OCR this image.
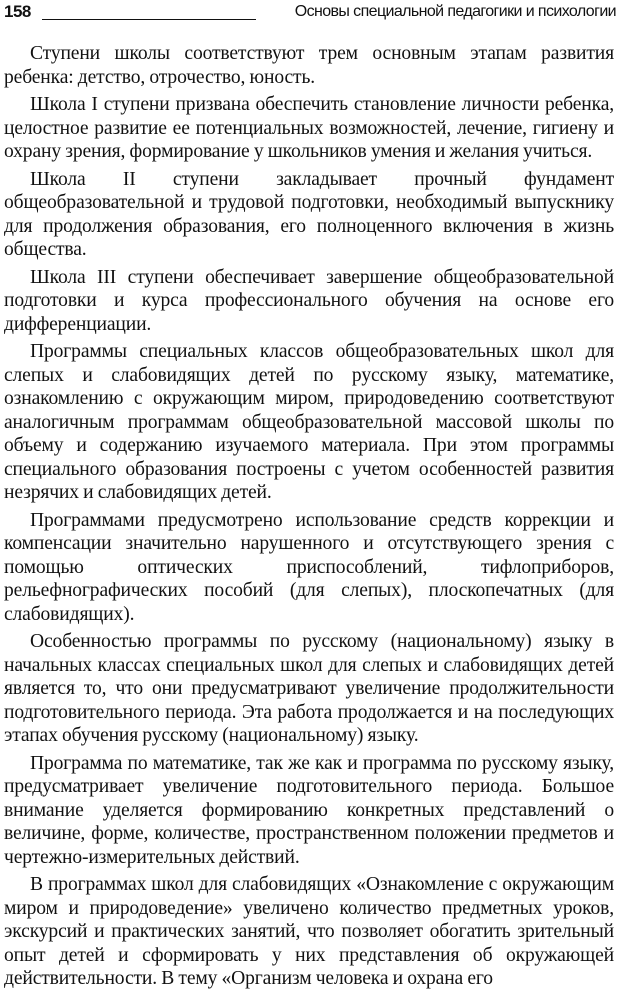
158	Основы специальной педагогики и психологии

Ступени школы соответствуют трем основным этапам развития ребенка: детство, отрочество, юность.

Школа I ступени призвана обеспечить становление личности ребенка, целостное развитие ее потенциальных возможностей, лечение, гигиену и охрану зрения, формирование у школьников умения и желания учиться.

Школа II ступени закладывает прочный фундамент общеобразовательной и трудовой подготовки, необходимый выпускнику для продолжения образования, его полноценного включения в жизнь общества.

Школа III ступени обеспечивает завершение общеобразовательной подготовки и курса профессионального обучения на основе его дифференциации.

Программы специальных классов общеобразовательных школ для слепых и слабовидящих детей по русскому языку, математике, ознакомлению с окружающим миром, природоведению соответствуют аналогичным программам общеобразовательной массовой школы по объему и содержанию изучаемого материала. При этом программы специального образования построены с учетом особенностей развития незрячих и слабовидящих детей.

Программами предусмотрено использование средств коррекции и компенсации значительно нарушенного и отсутствующего зрения с помощью оптических приспособлений, тифлоприборов, рельефнографических пособий (для слепых), плоскопечатных (для слабовидящих).

Особенностью программы по русскому (национальному) языку в начальных классах специальных школ для слепых и слабовидящих детей является то, что они предусматривают увеличение продолжительности подготовительного периода. Эта работа продолжается и на последующих этапах обучения русскому (национальному) языку.

Программа по математике, так же как и программа по русскому языку, предусматривает увеличение подготовительного периода. Большое внимание уделяется формированию конкретных представлений о величине, форме, количестве, пространственном положении предметов и чертежно-измерительных действий.

В программах школ для слабовидящих «Ознакомление с окружающим миром и природоведение» увеличено количество предметных уроков, экскурсий и практических занятий, что позволяет обогатить зрительный опыт детей и сформировать у них представления об окружающей действительности. В тему «Организм человека и охрана его
